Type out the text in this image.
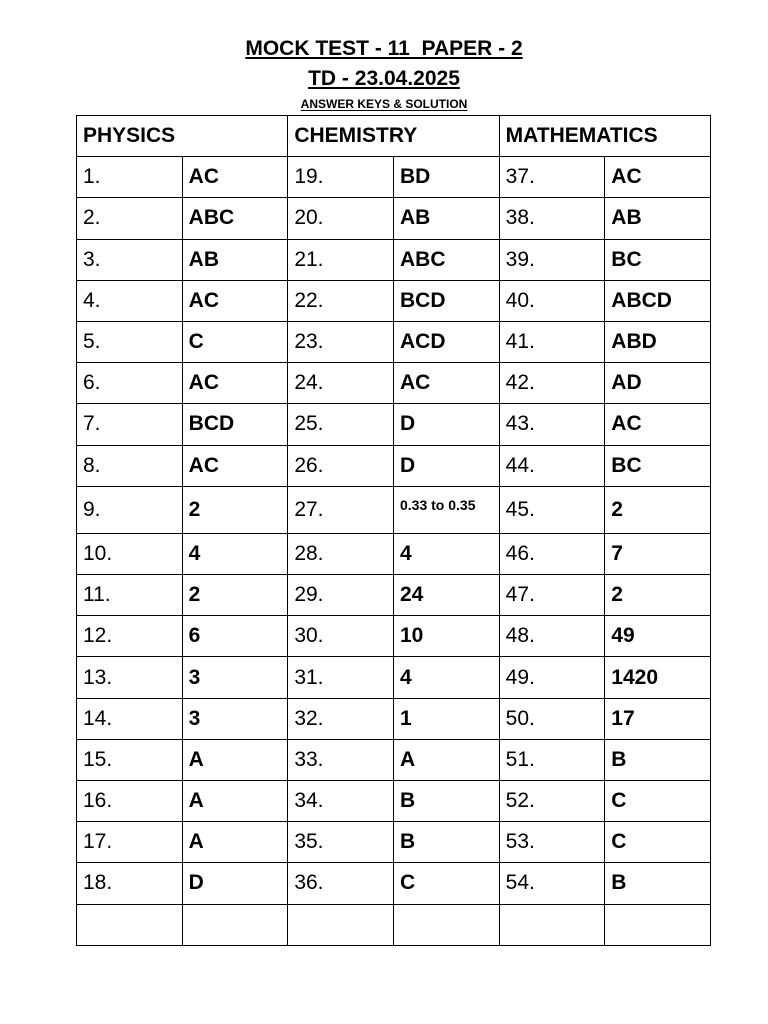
MOCK TEST - 11  PAPER - 2
TD - 23.04.2025
ANSWER KEYS & SOLUTION
PHYSICS		CHEMISTRY		MATHEMATICS	
1.	AC	19.	BD	37.	AC
2.	ABC	20.	AB	38.	AB
3.	AB	21.	ABC	39.	BC
4.	AC	22.	BCD	40.	ABCD
5.	C	23.	ACD	41.	ABD
6.	AC	24.	AC	42.	AD
7.	BCD	25.	D	43.	AC
8.	AC	26.	D	44.	BC
9.	2	27.	0.33 to 0.35	45.	2
10.	4	28.	4	46.	7
11.	2	29.	24	47.	2
12.	6	30.	10	48.	49
13.	3	31.	4	49.	1420
14.	3	32.	1	50.	17
15.	A	33.	A	51.	B
16.	A	34.	B	52.	C
17.	A	35.	B	53.	C
18.	D	36.	C	54.	B
